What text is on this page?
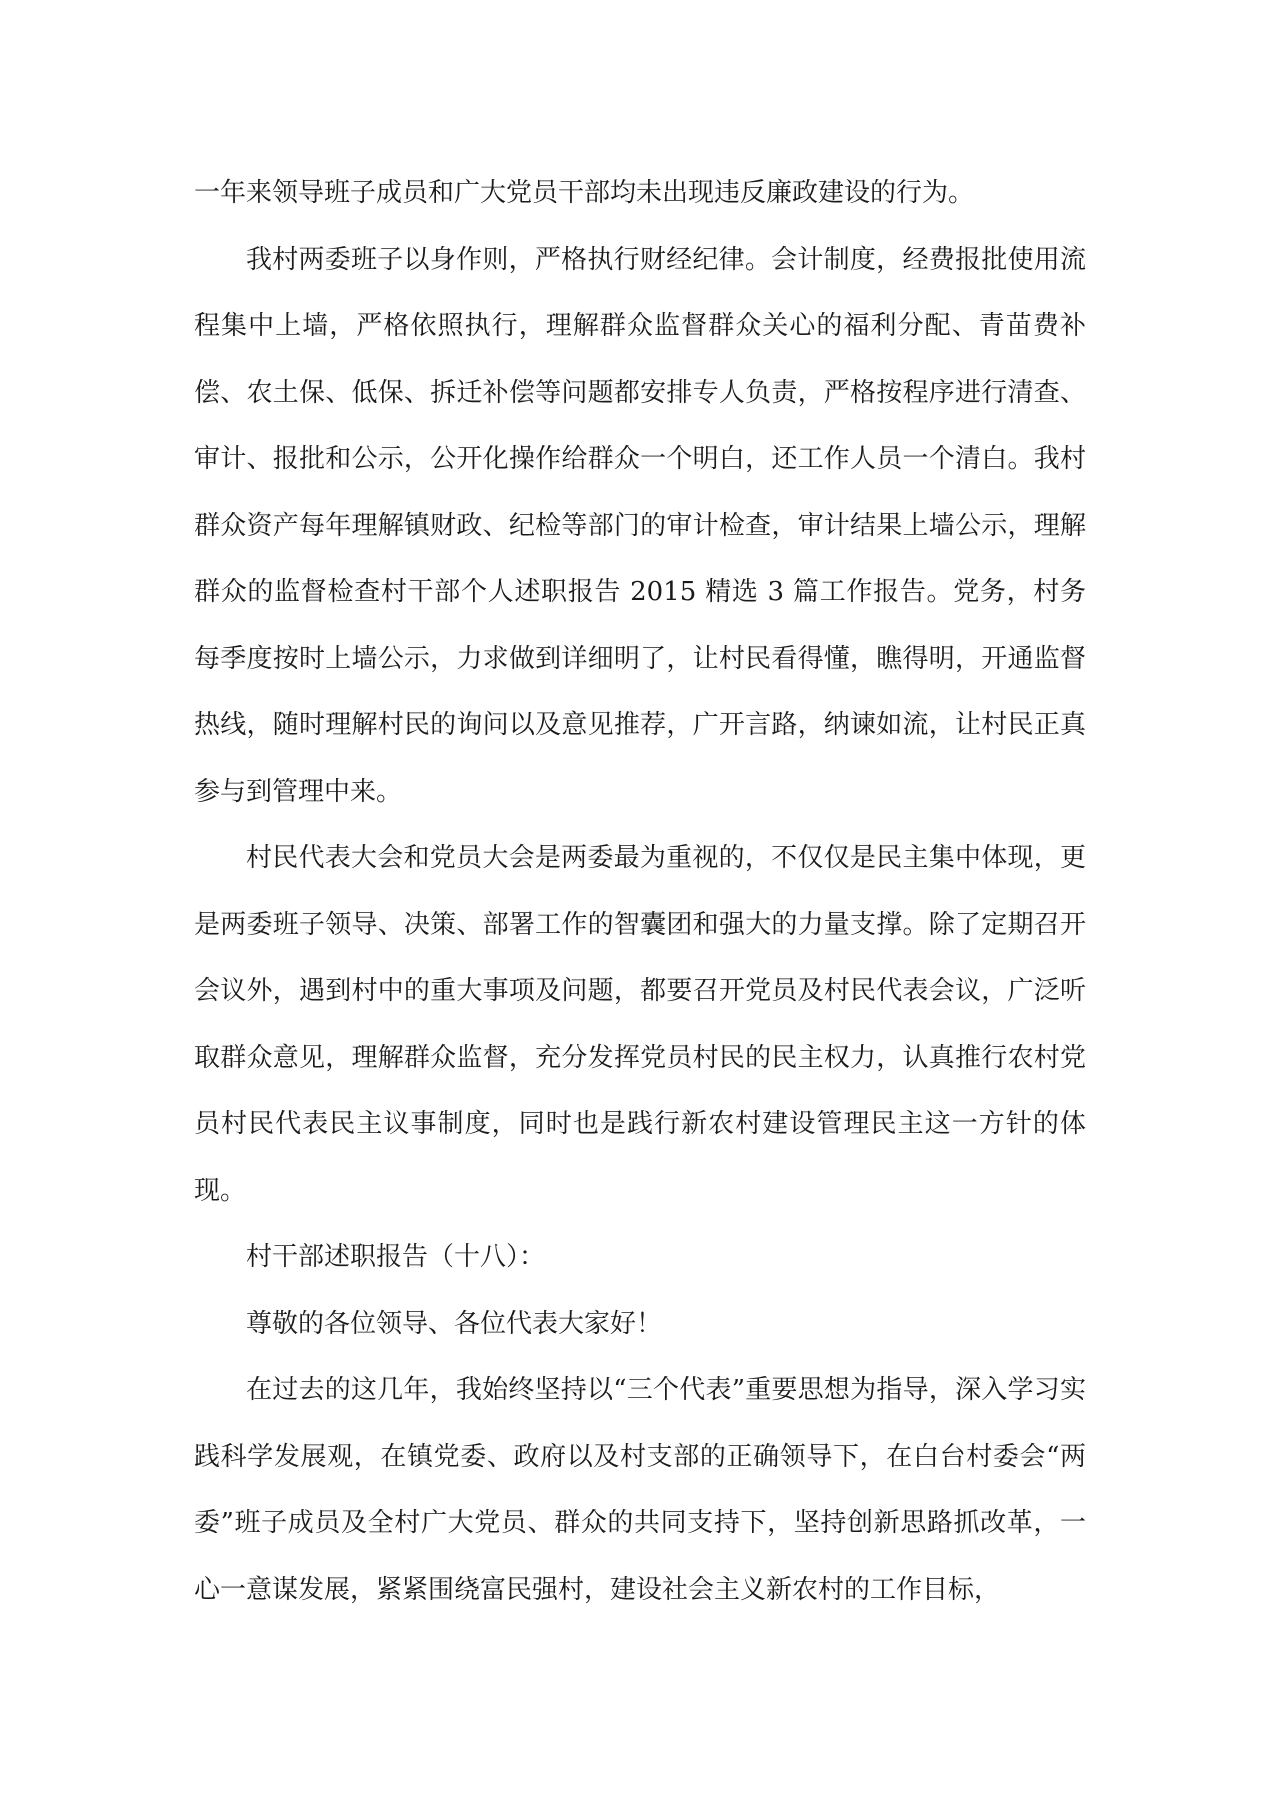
一年来领导班子成员和广大党员干部均未出现违反廉政建设的行为。

我村两委班子以身作则，严格执行财经纪律。会计制度，经费报批使用流程集中上墙，严格依照执行，理解群众监督群众关心的福利分配、青苗费补偿、农土保、低保、拆迁补偿等问题都安排专人负责，严格按程序进行清查、审计、报批和公示，公开化操作给群众一个明白，还工作人员一个清白。我村群众资产每年理解镇财政、纪检等部门的审计检查，审计结果上墙公示，理解群众的监督检查村干部个人述职报告 2015 精选 3 篇工作报告。党务，村务每季度按时上墙公示，力求做到详细明了，让村民看得懂，瞧得明，开通监督热线，随时理解村民的询问以及意见推荐，广开言路，纳谏如流，让村民正真参与到管理中来。

村民代表大会和党员大会是两委最为重视的，不仅仅是民主集中体现，更是两委班子领导、决策、部署工作的智囊团和强大的力量支撑。除了定期召开会议外，遇到村中的重大事项及问题，都要召开党员及村民代表会议，广泛听取群众意见，理解群众监督，充分发挥党员村民的民主权力，认真推行农村党员村民代表民主议事制度，同时也是践行新农村建设管理民主这一方针的体现。

村干部述职报告（十八）：

尊敬的各位领导、各位代表大家好！

在过去的这几年，我始终坚持以“三个代表”重要思想为指导，深入学习实践科学发展观，在镇党委、政府以及村支部的正确领导下，在白台村委会“两委”班子成员及全村广大党员、群众的共同支持下，坚持创新思路抓改革，一心一意谋发展，紧紧围绕富民强村，建设社会主义新农村的工作目标，
